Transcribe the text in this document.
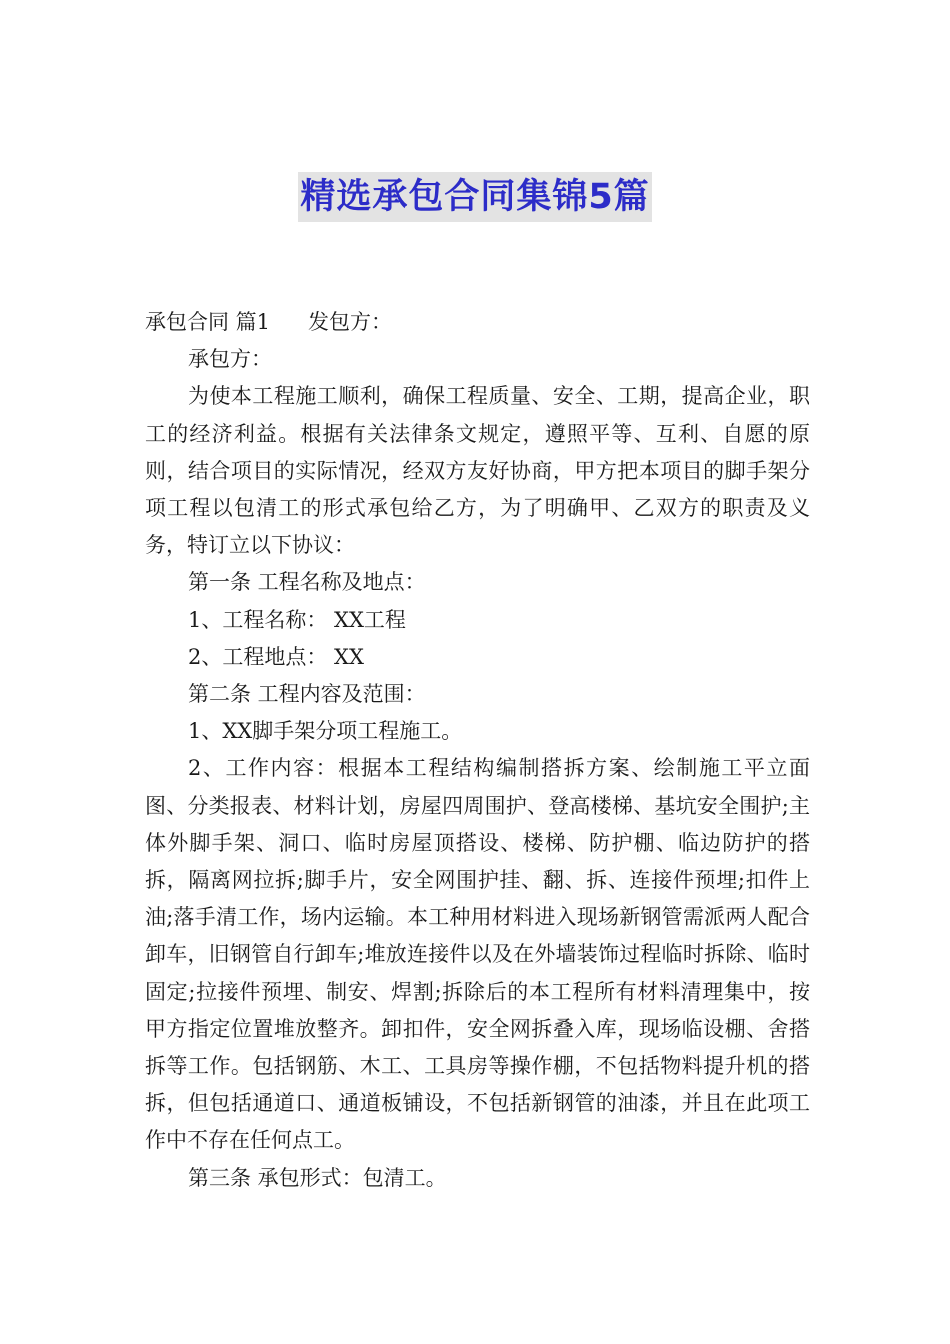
精选承包合同集锦5篇

承包合同 篇1 发包方：

承包方：

为使本工程施工顺利，确保工程质量、安全、工期，提高企业，职工的经济利益。根据有关法律条文规定，遵照平等、互利、自愿的原则，结合项目的实际情况，经双方友好协商，甲方把本项目的脚手架分项工程以包清工的形式承包给乙方，为了明确甲、乙双方的职责及义务，特订立以下协议：

第一条 工程名称及地点：

1、工程名称： XX工程

2、工程地点： XX

第二条 工程内容及范围：

1、XX脚手架分项工程施工。

2、工作内容：根据本工程结构编制搭拆方案、绘制施工平立面图、分类报表、材料计划，房屋四周围护、登高楼梯、基坑安全围护;主体外脚手架、洞口、临时房屋顶搭设、楼梯、防护棚、临边防护的搭拆，隔离网拉拆;脚手片，安全网围护挂、翻、拆、连接件预埋;扣件上油;落手清工作，场内运输。本工种用材料进入现场新钢管需派两人配合卸车，旧钢管自行卸车;堆放连接件以及在外墙装饰过程临时拆除、临时固定;拉接件预埋、制安、焊割;拆除后的本工程所有材料清理集中，按甲方指定位置堆放整齐。卸扣件，安全网拆叠入库，现场临设棚、舍搭拆等工作。包括钢筋、木工、工具房等操作棚，不包括物料提升机的搭拆，但包括通道口、通道板铺设，不包括新钢管的油漆，并且在此项工作中不存在任何点工。

第三条 承包形式：包清工。
